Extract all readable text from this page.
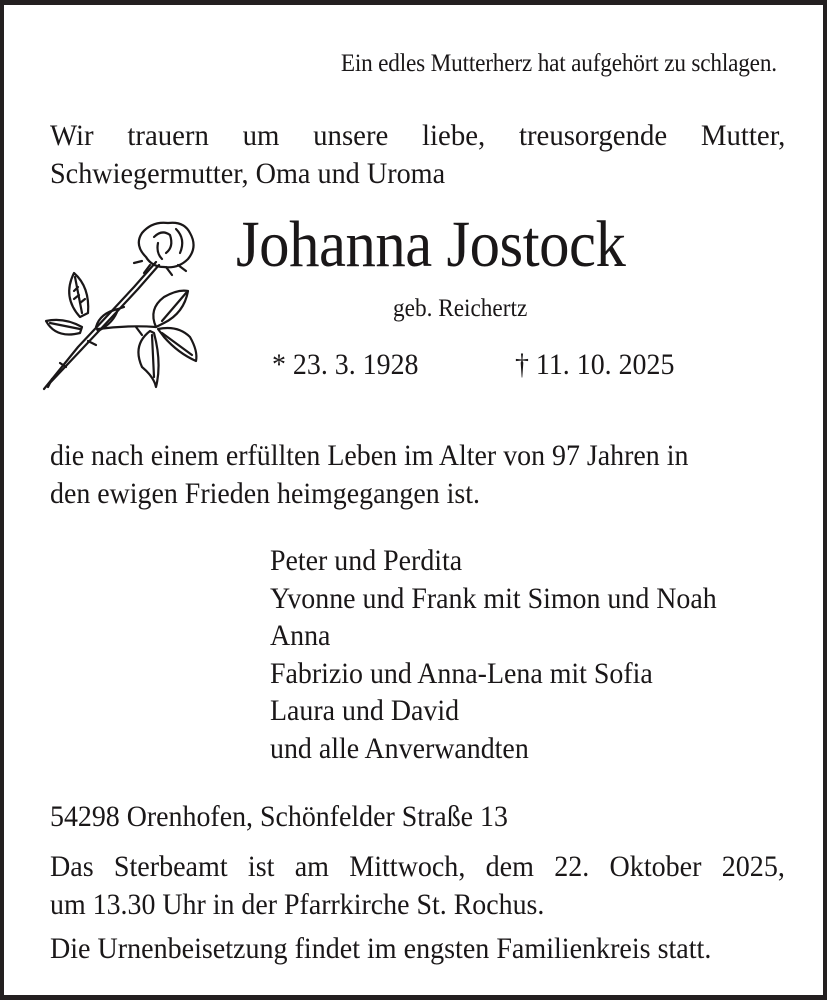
Ein edles Mutterherz hat aufgehört zu schlagen.
Wir trauern um unsere liebe, treusorgende Mutter,
Schwiegermutter, Oma und Uroma
Johanna Jostock
geb. Reichertz
* 23. 3. 1928	† 11. 10. 2025
die nach einem erfüllten Leben im Alter von 97 Jahren in
den ewigen Frieden heimgegangen ist.
Peter und Perdita
Yvonne und Frank mit Simon und Noah
Anna
Fabrizio und Anna-Lena mit Sofia
Laura und David
und alle Anverwandten
54298 Orenhofen, Schönfelder Straße 13
Das Sterbeamt ist am Mittwoch, dem 22. Oktober 2025,
um 13.30 Uhr in der Pfarrkirche St. Rochus.
Die Urnenbeisetzung findet im engsten Familienkreis statt.
